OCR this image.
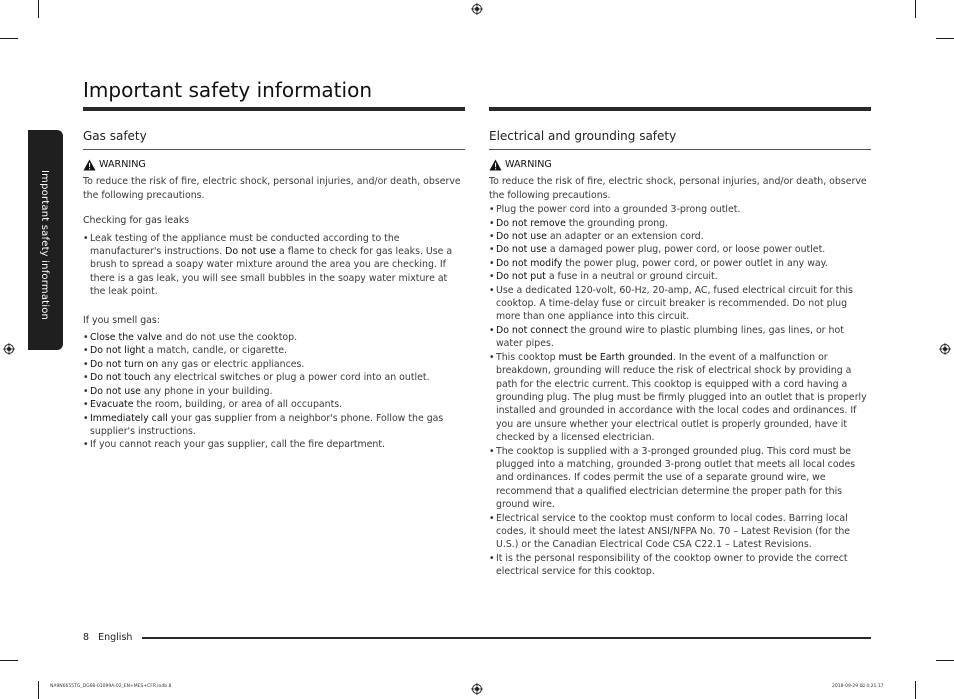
Important safety information
Important safety information
Gas safety	Electrical and grounding safety
WARNING

To reduce the risk of fire, electric shock, personal injuries, and/or death, observe the following precautions.

Checking for gas leaks

• Leak testing of the appliance must be conducted according to the manufacturer's instructions. Do not use a flame to check for gas leaks. Use a brush to spread a soapy water mixture around the area you are checking. If there is a gas leak, you will see small bubbles in the soapy water mixture at the leak point.

If you smell gas:

• Close the valve and do not use the cooktop.
• Do not light a match, candle, or cigarette.
• Do not turn on any gas or electric appliances.
• Do not touch any electrical switches or plug a power cord into an outlet.
• Do not use any phone in your building.
• Evacuate the room, building, or area of all occupants.
• Immediately call your gas supplier from a neighbor's phone. Follow the gas supplier's instructions.
• If you cannot reach your gas supplier, call the fire department.
WARNING

To reduce the risk of fire, electric shock, personal injuries, and/or death, observe the following precautions.

• Plug the power cord into a grounded 3-prong outlet.
• Do not remove the grounding prong.
• Do not use an adapter or an extension cord.
• Do not use a damaged power plug, power cord, or loose power outlet.
• Do not modify the power plug, power cord, or power outlet in any way.
• Do not put a fuse in a neutral or ground circuit.
• Use a dedicated 120-volt, 60-Hz, 20-amp, AC, fused electrical circuit for this cooktop. A time-delay fuse or circuit breaker is recommended. Do not plug more than one appliance into this circuit.
• Do not connect the ground wire to plastic plumbing lines, gas lines, or hot water pipes.
• This cooktop must be Earth grounded. In the event of a malfunction or breakdown, grounding will reduce the risk of electrical shock by providing a path for the electric current. This cooktop is equipped with a cord having a grounding plug. The plug must be firmly plugged into an outlet that is properly installed and grounded in accordance with the local codes and ordinances. If you are unsure whether your electrical outlet is properly grounded, have it checked by a licensed electrician.
• The cooktop is supplied with a 3-pronged grounded plug. This cord must be plugged into a matching, grounded 3-prong outlet that meets all local codes and ordinances. If codes permit the use of a separate ground wire, we recommend that a qualified electrician determine the proper path for this ground wire.
• Electrical service to the cooktop must conform to local codes. Barring local codes, it should meet the latest ANSI/NFPA No. 70 – Latest Revision (for the U.S.) or the Canadian Electrical Code CSA C22.1 – Latest Revisions.
• It is the personal responsibility of the cooktop owner to provide the correct electrical service for this cooktop.
8 English
NA9N6655TG_DG68-01099A-02_EN+MES+CFR.indb 8	2018-09-29 ⌧ 4:21:17
